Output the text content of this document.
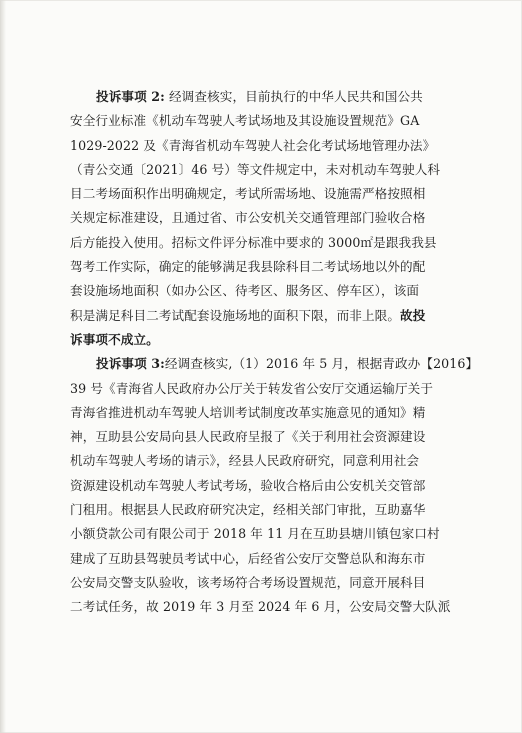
投诉事项 2: 经调查核实，目前执行的中华人民共和国公共
安全行业标准《机动车驾驶人考试场地及其设施设置规范》GA
1029-2022 及《青海省机动车驾驶人社会化考试场地管理办法》
（青公交通〔2021〕46 号）等文件规定中，未对机动车驾驶人科
目二考场面积作出明确规定，考试所需场地、设施需严格按照相
关规定标准建设，且通过省、市公安机关交通管理部门验收合格
后方能投入使用。招标文件评分标准中要求的 3000㎡是跟我我县
驾考工作实际，确定的能够满足我县除科目二考试场地以外的配
套设施场地面积（如办公区、待考区、服务区、停车区），该面
积是满足科目二考试配套设施场地的面积下限，而非上限。故投
诉事项不成立。

投诉事项 3:经调查核实,（1）2016 年 5 月，根据青政办【2016】
39 号《青海省人民政府办公厅关于转发省公安厅交通运输厅关于
青海省推进机动车驾驶人培训考试制度改革实施意见的通知》精
神，互助县公安局向县人民政府呈报了《关于利用社会资源建设
机动车驾驶人考场的请示》，经县人民政府研究，同意利用社会
资源建设机动车驾驶人考试考场，验收合格后由公安机关交管部
门租用。根据县人民政府研究决定，经相关部门审批，互助嘉华
小额贷款公司有限公司于 2018 年 11 月在互助县塘川镇包家口村
建成了互助县驾驶员考试中心，后经省公安厅交警总队和海东市
公安局交警支队验收，该考场符合考场设置规范，同意开展科目
二考试任务，故 2019 年 3 月至 2024 年 6 月，公安局交警大队派
